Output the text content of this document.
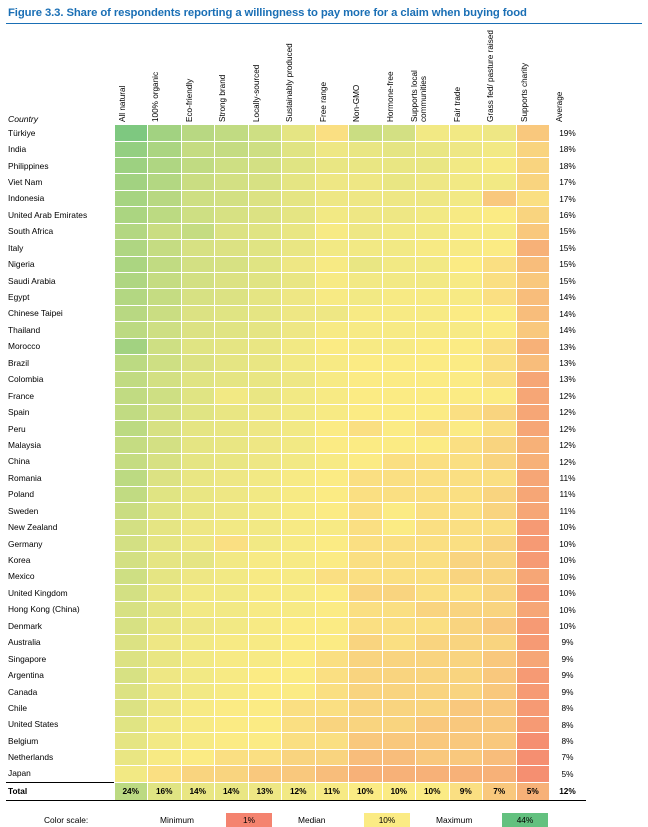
Figure 3.3. Share of respondents reporting a willingness to pay more for a claim when buying food
Country	All natural	100% organic	Eco-friendly	Strong brand	Locally-sourced	Sustainably produced	Free range	Non-GMO	Hormone-free	Supports local communities	Fair trade	Grass fed/ pasture raised	Supports charity	Average

Türkiye														19%
India														18%
Philippines														18%
Viet Nam														17%
Indonesia														17%
United Arab Emirates														16%
South Africa														15%
Italy														15%
Nigeria														15%
Saudi Arabia														15%
Egypt														14%
Chinese Taipei														14%
Thailand														14%
Morocco														13%
Brazil														13%
Colombia														13%
France														12%
Spain														12%
Peru														12%
Malaysia														12%
China														12%
Romania														11%
Poland														11%
Sweden														11%
New Zealand														10%
Germany														10%
Korea														10%
Mexico														10%
United Kingdom														10%
Hong Kong (China)														10%
Denmark														10%
Australia														9%
Singapore														9%
Argentina														9%
Canada														9%
Chile														8%
United States														8%
Belgium														8%
Netherlands														7%
Japan														5%
Total	24%	16%	14%	14%	13%	12%	11%	10%	10%	10%	9%	7%	5%	12%
Color scale:	Minimum	1%	Median	10%	Maximum	44%
